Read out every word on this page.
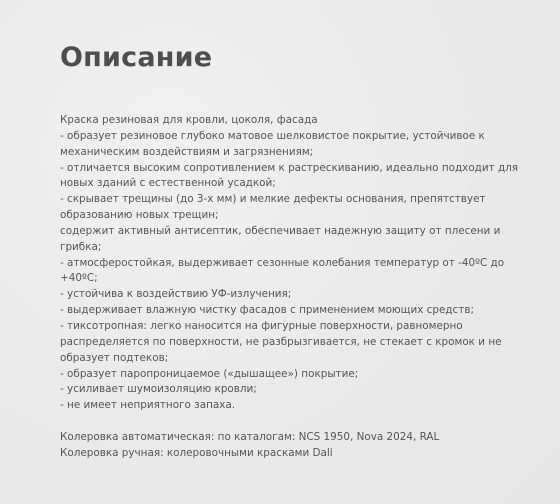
Описание
Краска резиновая для кровли, цоколя, фасада
- образует резиновое глубоко матовое шелковистое покрытие, устойчивое к
механическим воздействиям и загрязнениям;
- отличается высоким сопротивлением к растрескиванию, идеально подходит для
новых зданий с естественной усадкой;
- скрывает трещины (до 3-х мм) и мелкие дефекты основания, препятствует
образованию новых трещин;
содержит активный антисептик, обеспечивает надежную защиту от плесени и
грибка;
- атмосферостойкая, выдерживает сезонные колебания температур от -40ºС до
+40ºС;
- устойчива к воздействию УФ-излучения;
- выдерживает влажную чистку фасадов с применением моющих средств;
- тиксотропная: легко наносится на фигурные поверхности, равномерно
распределяется по поверхности, не разбрызгивается, не стекает с кромок и не
образует подтеков;
- образует паропроницаемое («дышащее») покрытие;
- усиливает шумоизоляцию кровли;
- не имеет неприятного запаха.
Колеровка автоматическая: по каталогам: NCS 1950, Nova 2024, RAL
Колеровка ручная: колеровочными красками Dali
